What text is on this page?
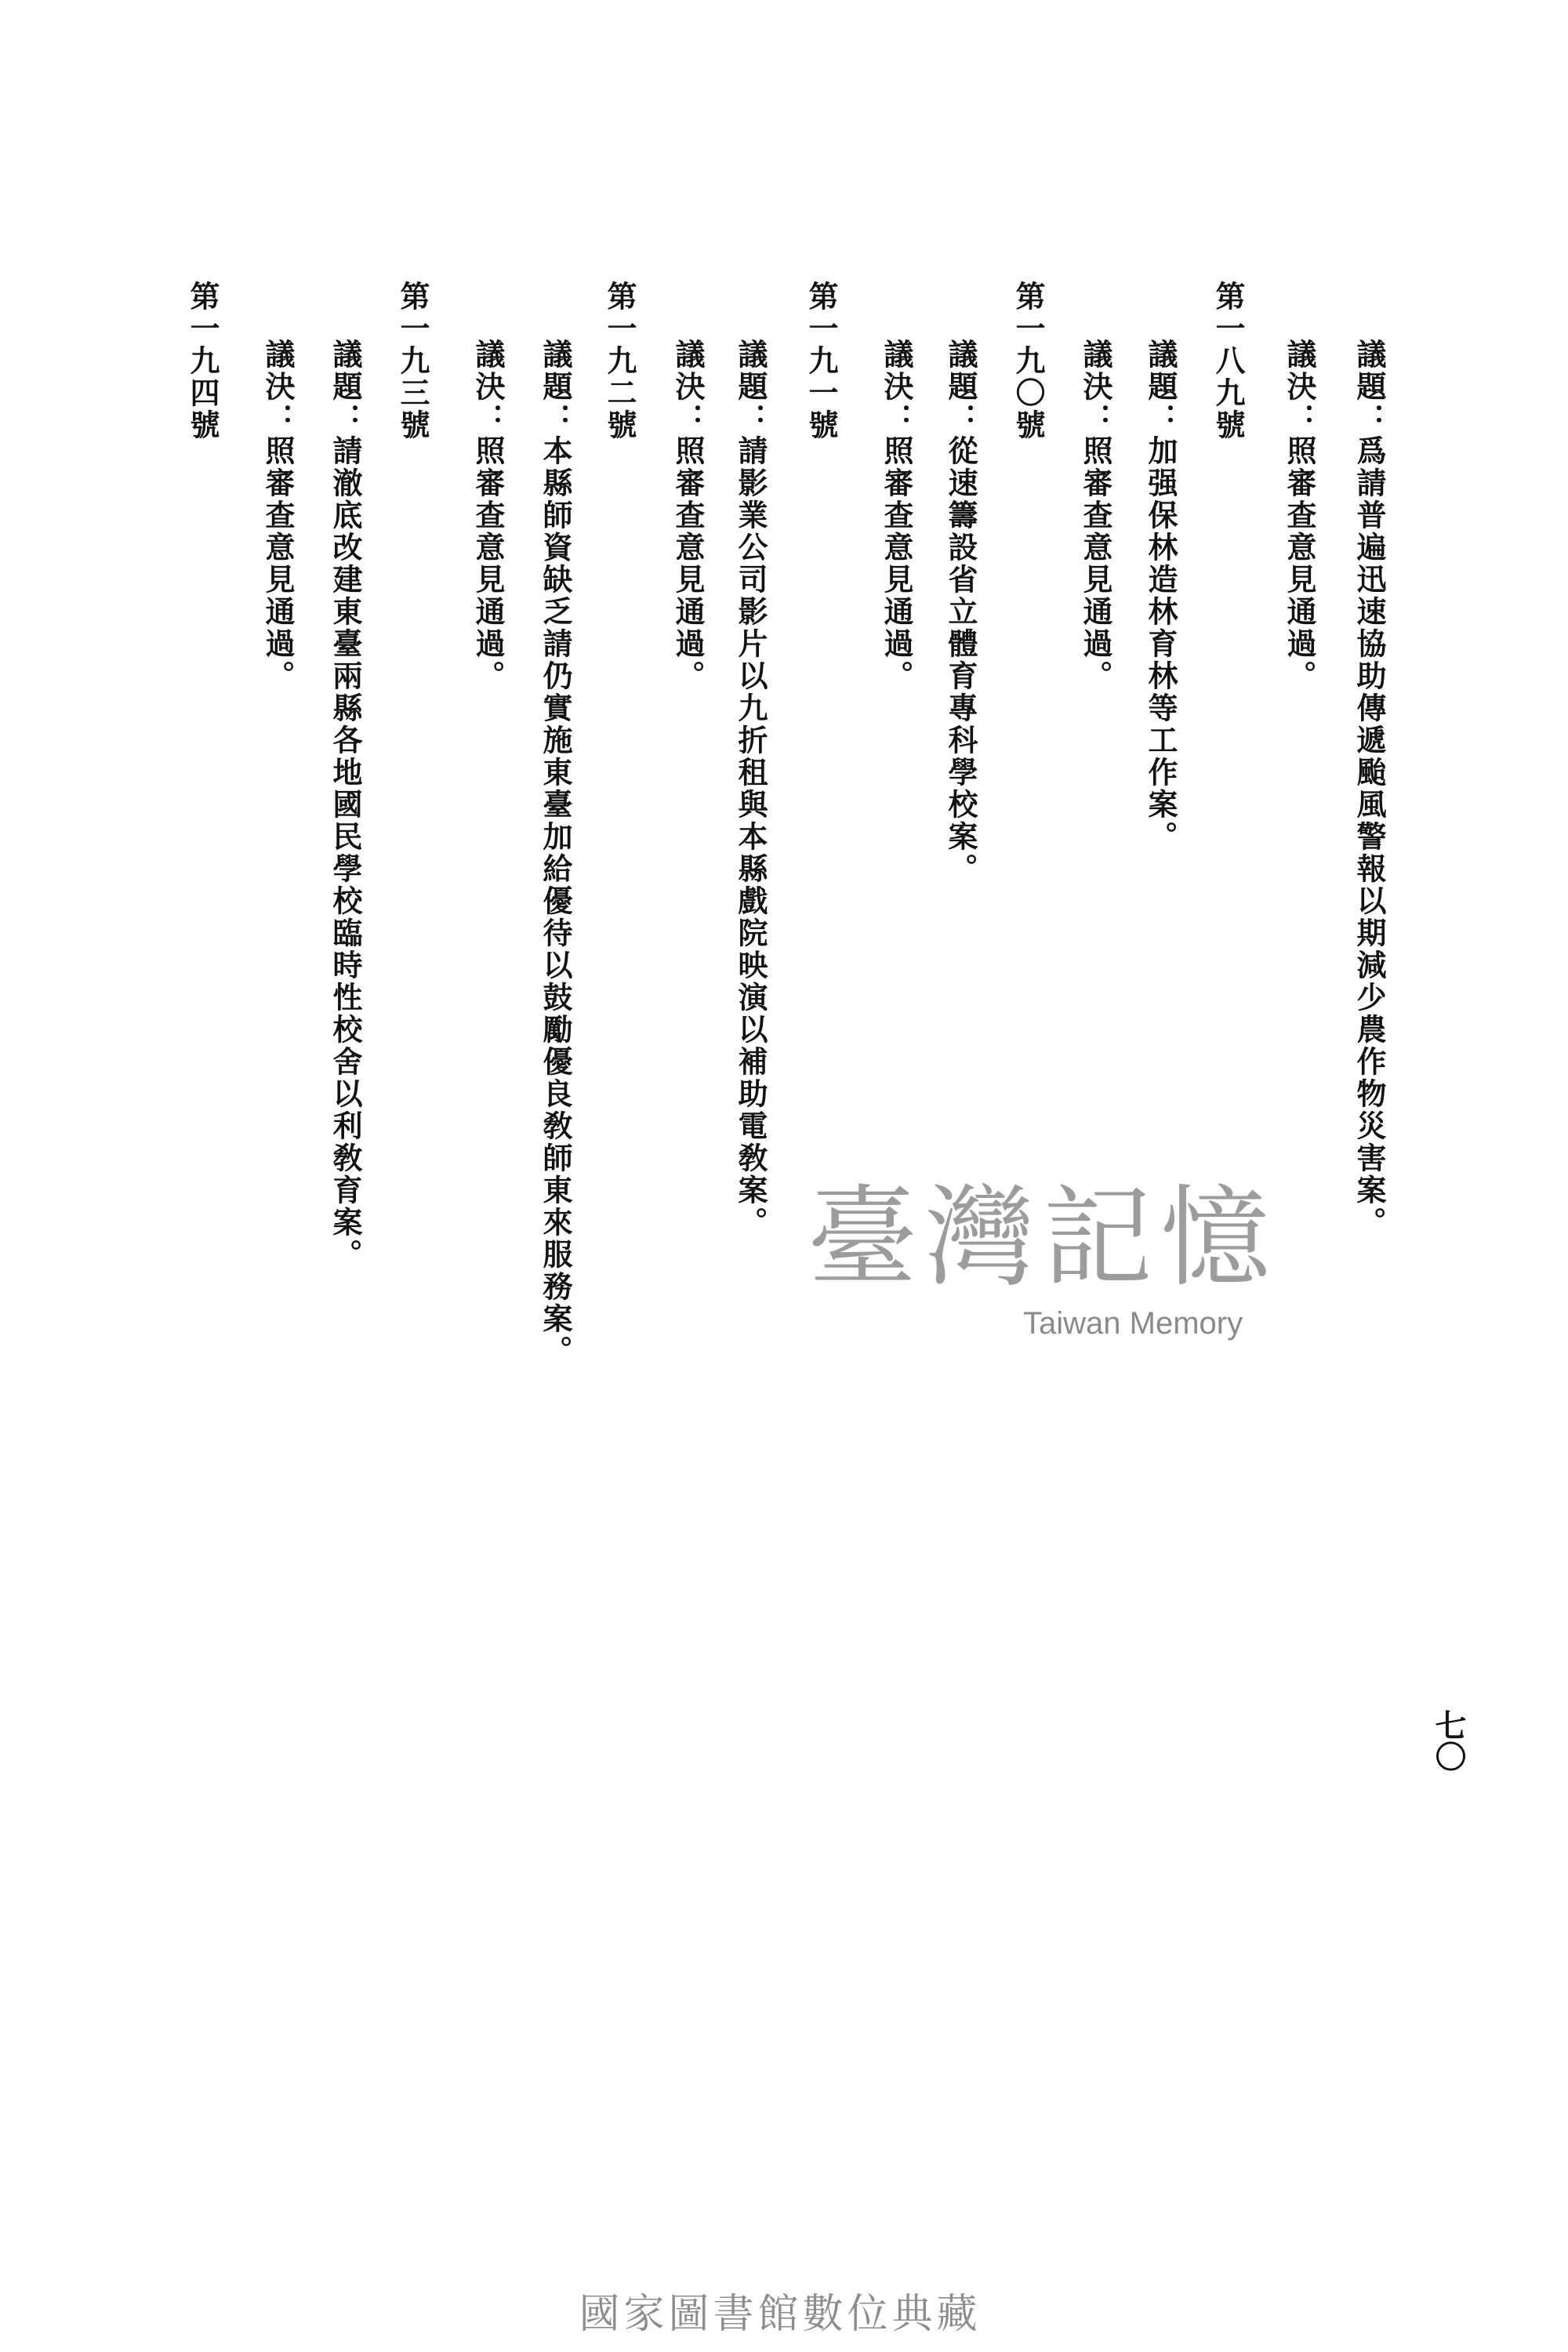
議題：爲請普遍迅速協助傳遞颱風警報以期減少農作物災害案。
議決：照審查意見通過。
第一八九號
議題：加强保林造林育林等工作案。
議決：照審查意見通過。
第一九〇號
議題：從速籌設省立體育專科學校案。
議決：照審查意見通過。
第一九一號
議題：請影業公司影片以九折租與本縣戲院映演以補助電敎案。
議決：照審查意見通過。
第一九二號
議題：本縣師資缺乏請仍實施東臺加給優待以鼓勵優良敎師東來服務案。
議決：照審查意見通過。
第一九三號
議題：請澈底改建東臺兩縣各地國民學校臨時性校舍以利敎育案。
議決：照審查意見通過。
第一九四號
七〇
臺灣記憶
Taiwan Memory
國家圖書館數位典藏
